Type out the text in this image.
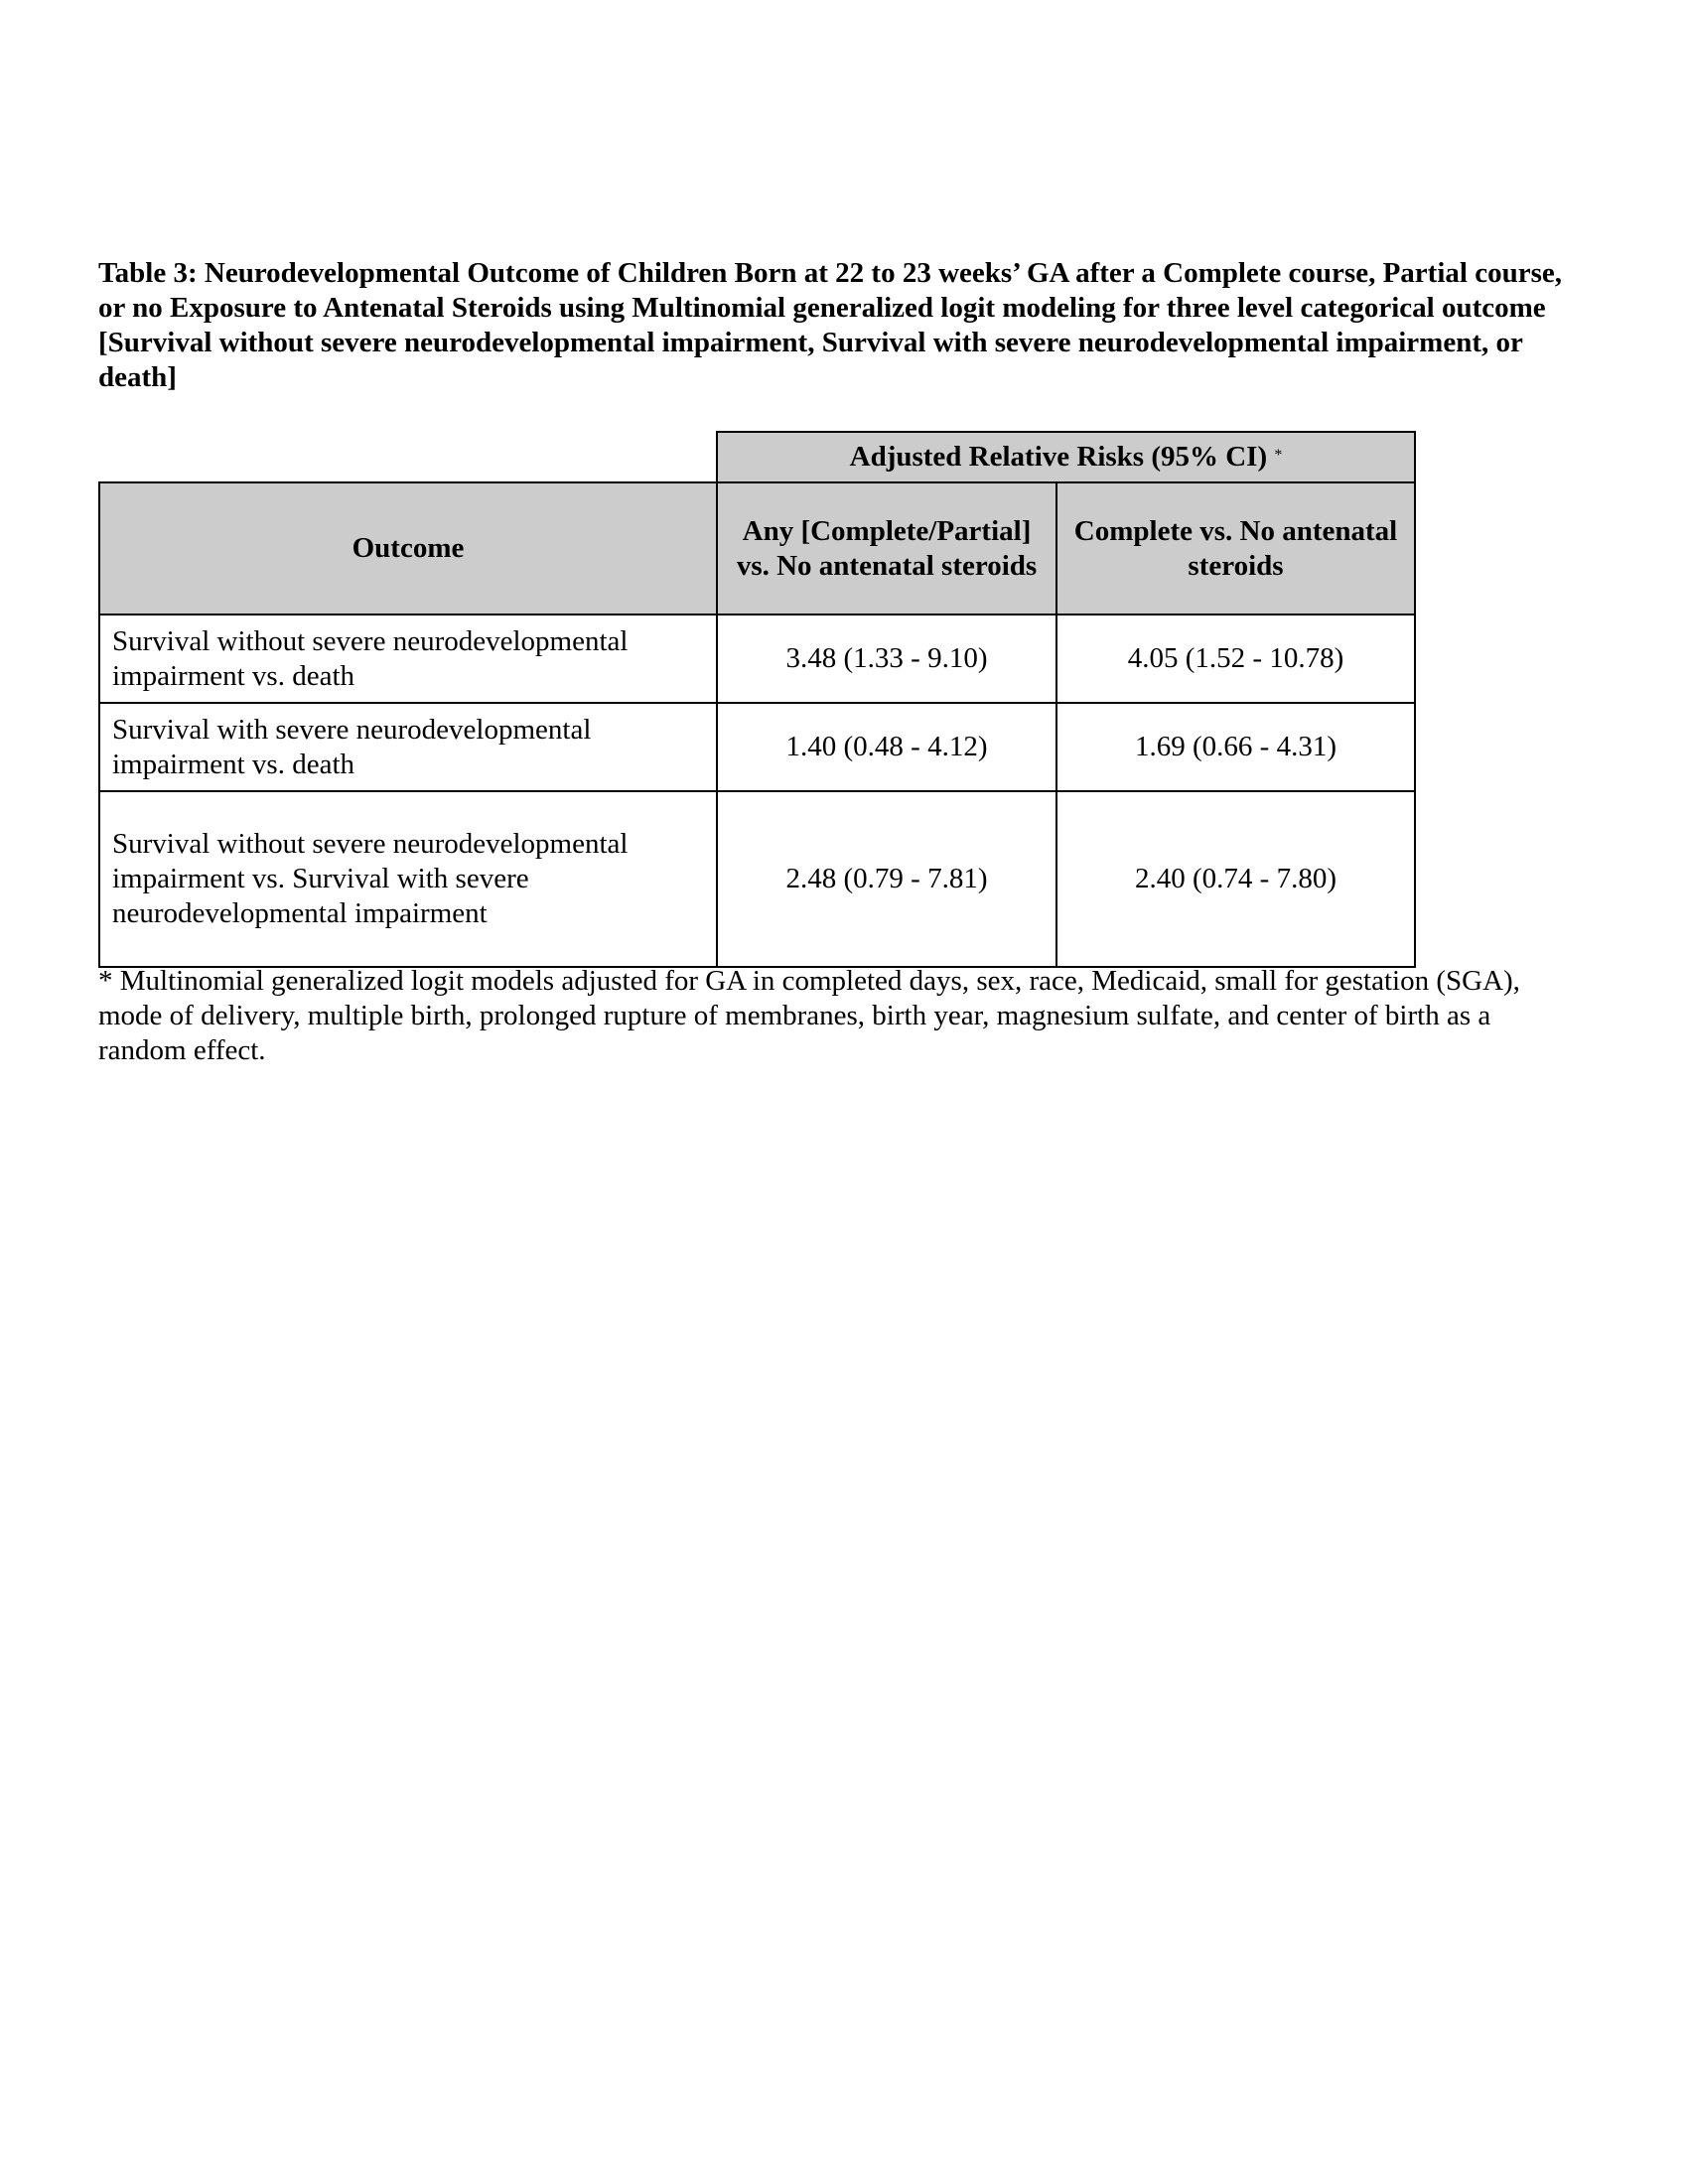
Table 3: Neurodevelopmental Outcome of Children Born at 22 to 23 weeks’ GA after a Complete course, Partial course, or no Exposure to Antenatal Steroids using Multinomial generalized logit modeling for three level categorical outcome [Survival without severe neurodevelopmental impairment, Survival with severe neurodevelopmental impairment, or death]
	Adjusted Relative Risks (95% CI) *
Outcome	Any [Complete/Partial] vs. No antenatal steroids	Complete vs. No antenatal steroids
Survival without severe neurodevelopmental impairment vs. death	3.48 (1.33 - 9.10)	4.05 (1.52 - 10.78)
Survival with severe neurodevelopmental impairment vs. death	1.40 (0.48 - 4.12)	1.69 (0.66 - 4.31)
Survival without severe neurodevelopmental impairment vs. Survival with severe neurodevelopmental impairment	2.48 (0.79 - 7.81)	2.40 (0.74 - 7.80)
* Multinomial generalized logit models adjusted for GA in completed days, sex, race, Medicaid, small for gestation (SGA), mode of delivery, multiple birth, prolonged rupture of membranes, birth year, magnesium sulfate, and center of birth as a random effect.
